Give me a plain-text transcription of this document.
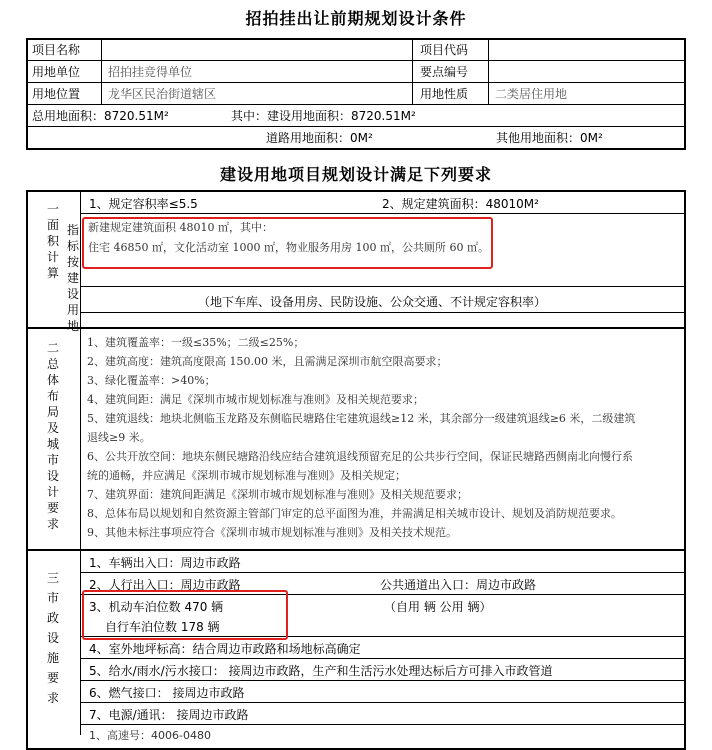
招拍挂出让前期规划设计条件
项目名称	项目代码
用地单位 招拍挂竞得单位	要点编号
用地位置 龙华区民治街道辖区	用地性质 二类居住用地
总用地面积：8720.51M²	其中：建设用地面积：8720.51M²
道路用地面积：0M²	其他用地面积：0M²
建设用地项目规划设计满足下列要求
一面积计算
指标按建设用地
1、规定容积率≤5.5	2、规定建筑面积：48010M²
新建规定建筑面积 48010 ㎡，其中：
住宅 46850 ㎡，文化活动室 1000 ㎡，物业服务用房 100 ㎡，公共厕所 60 ㎡。
（地下车库、设备用房、民防设施、公众交通、不计规定容积率）
二总体布局及城市设计要求
1、建筑覆盖率：一级≤35%；二级≤25%；
2、建筑高度：建筑高度限高 150.00 米，且需满足深圳市航空限高要求；
3、绿化覆盖率：>40%；
4、建筑间距：满足《深圳市城市规划标准与准则》及相关规范要求；
5、建筑退线：地块北侧临玉龙路及东侧临民塘路住宅建筑退线≥12 米，其余部分一级建筑退线≥6 米，二级建筑
退线≥9 米。
6、公共开放空间：地块东侧民塘路沿线应结合建筑退线预留充足的公共步行空间，保证民塘路西侧南北向慢行系
统的通畅，并应满足《深圳市城市规划标准与准则》及相关规定；
7、建筑界面：建筑间距满足《深圳市城市规划标准与准则》及相关规范要求；
8、总体布局以规划和自然资源主管部门审定的总平面图为准，并需满足相关城市设计、规划及消防规范要求。
9、其他未标注事项应符合《深圳市城市规划标准与准则》及相关技术规范。
三市政设施要求
1、车辆出入口：周边市政路
2、人行出入口：周边市政路	公共通道出入口：周边市政路
3、机动车泊位数 470 辆	（自用 辆 公用 辆）
自行车泊位数 178 辆
4、室外地坪标高：结合周边市政路和场地标高确定
5、给水/雨水/污水接口： 接周边市政路，生产和生活污水处理达标后方可排入市政管道
6、燃气接口： 接周边市政路
7、电源/通讯： 接周边市政路
1、高速号：4006-0480
